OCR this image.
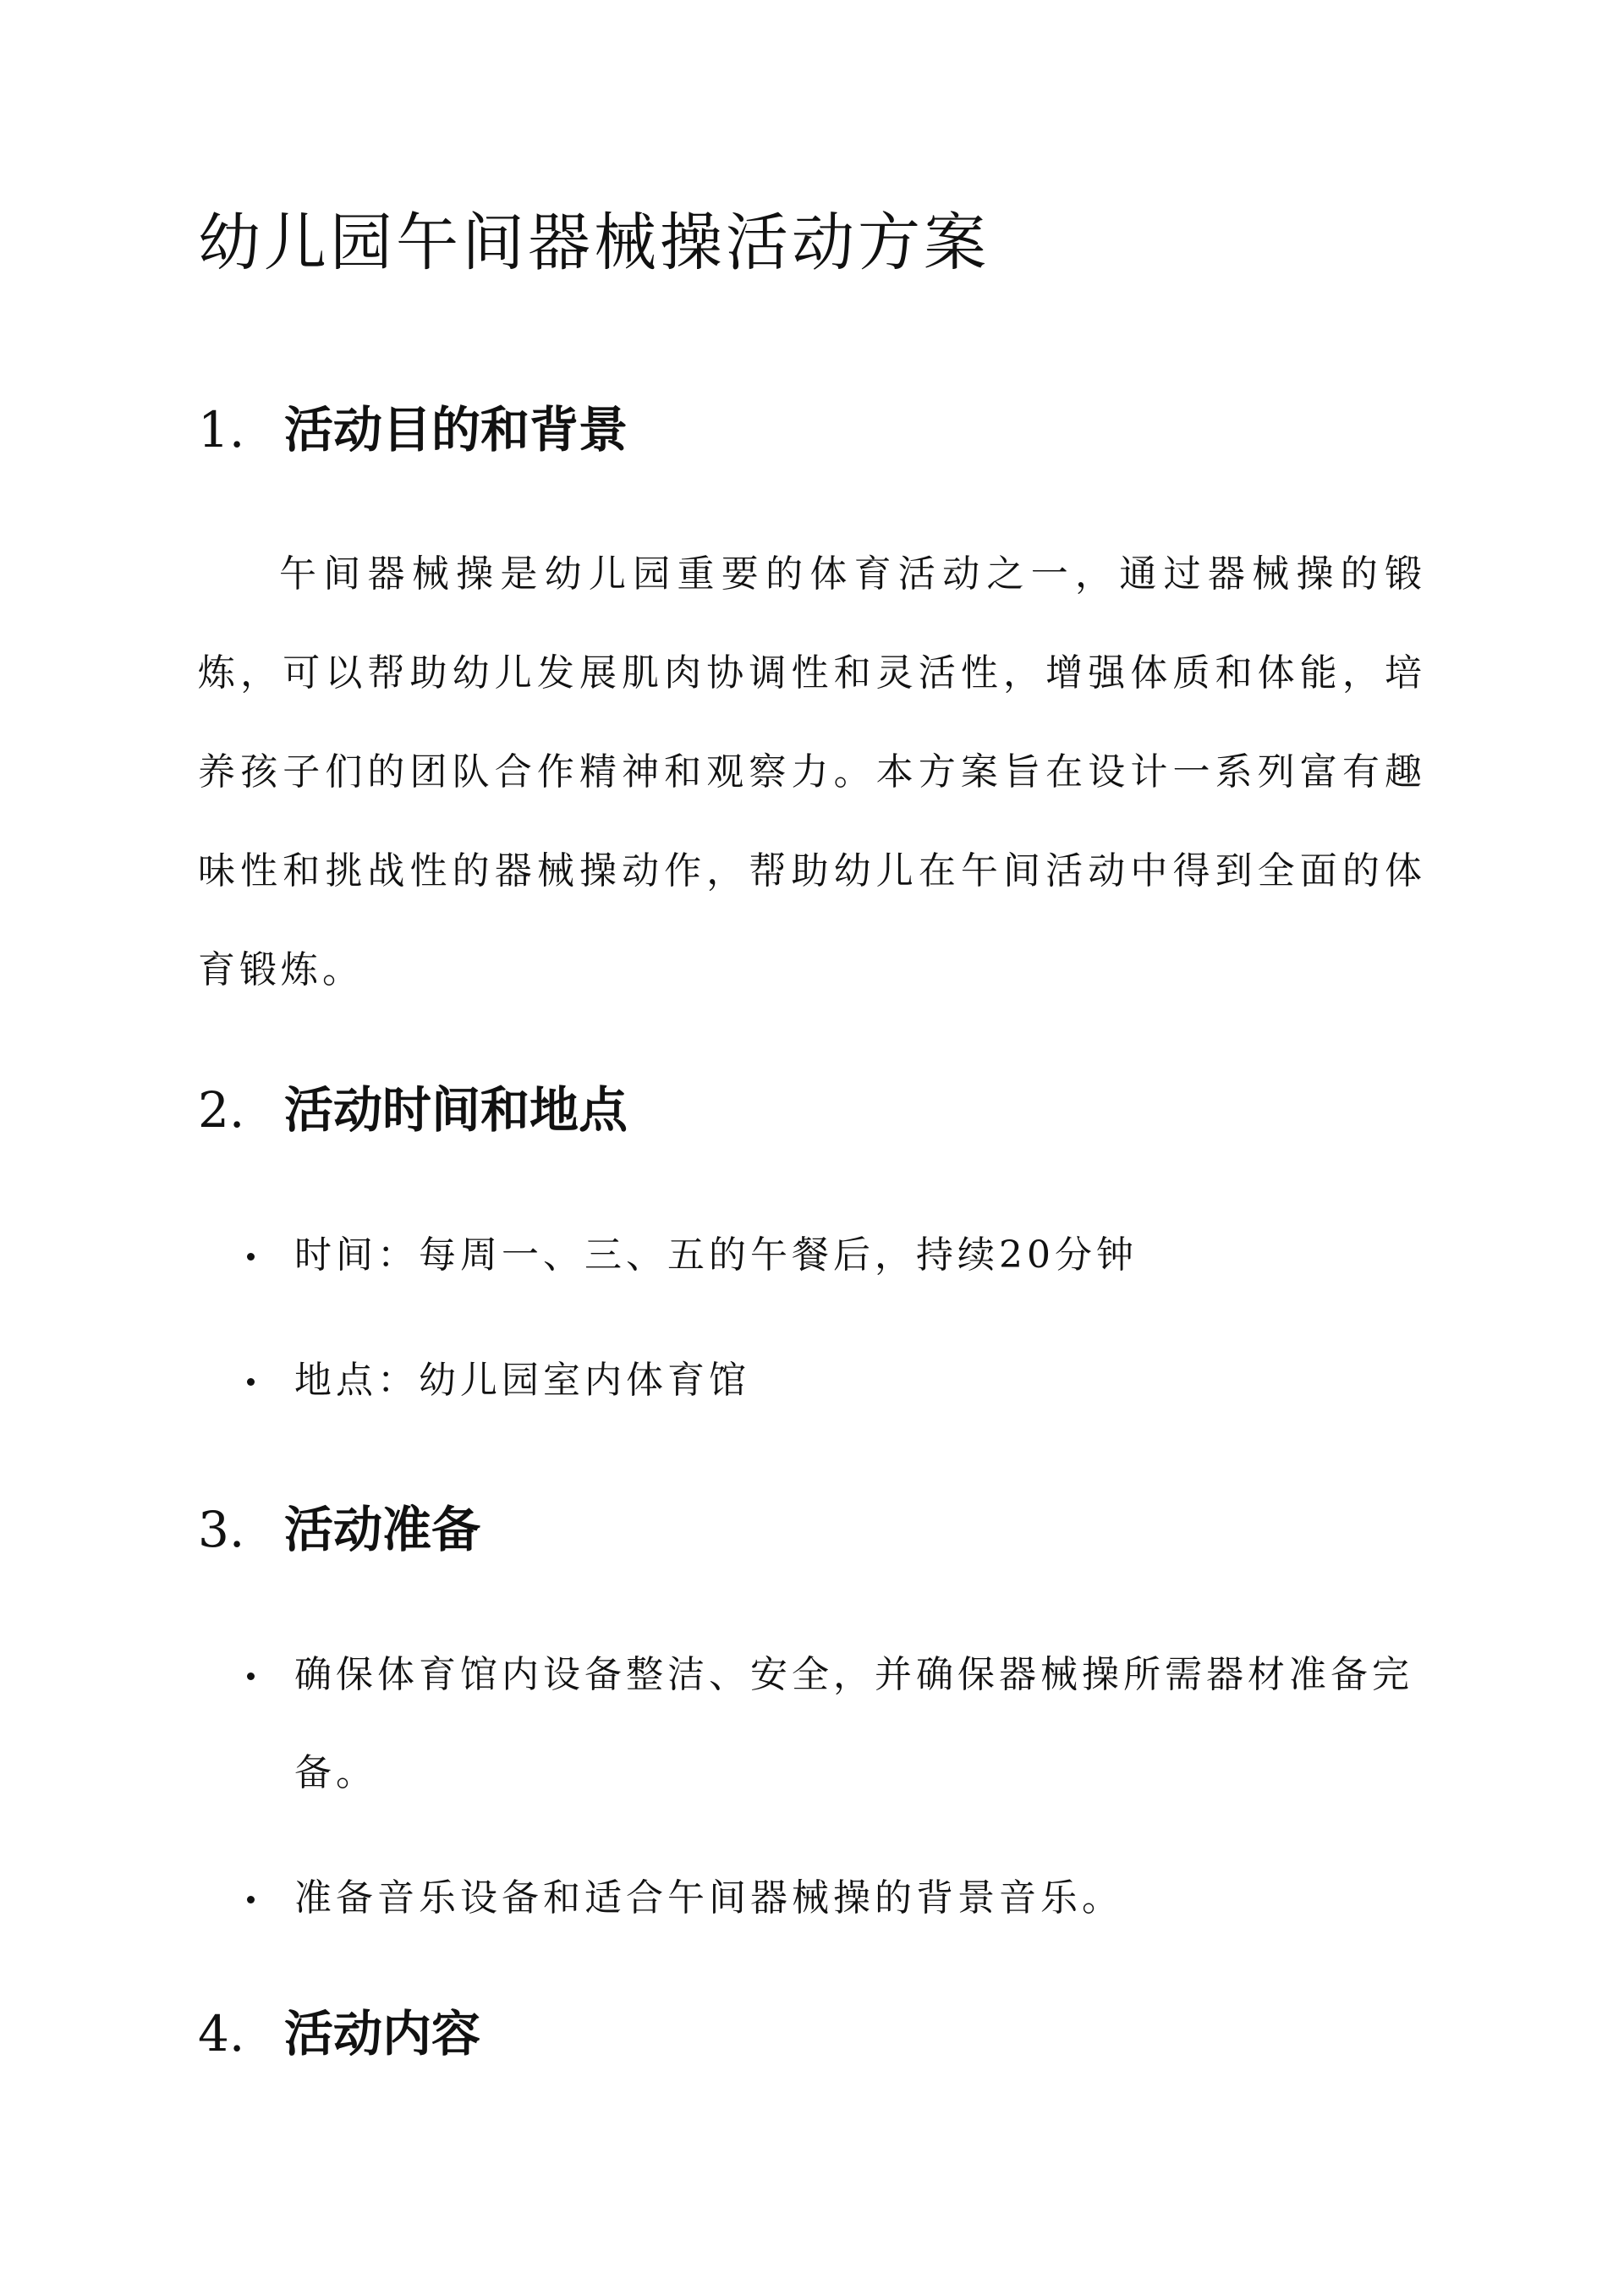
幼儿园午间器械操活动方案
1. 活动目的和背景

午间器械操是幼儿园重要的体育活动之一，通过器械操的锻炼，可以帮助幼儿发展肌肉协调性和灵活性，增强体质和体能，培养孩子们的团队合作精神和观察力。本方案旨在设计一系列富有趣味性和挑战性的器械操动作，帮助幼儿在午间活动中得到全面的体育锻炼。

2. 活动时间和地点
时间：每周一、三、五的午餐后，持续20分钟
地点：幼儿园室内体育馆
3. 活动准备
确保体育馆内设备整洁、安全，并确保器械操所需器材准备完备。
准备音乐设备和适合午间器械操的背景音乐。
4. 活动内容
